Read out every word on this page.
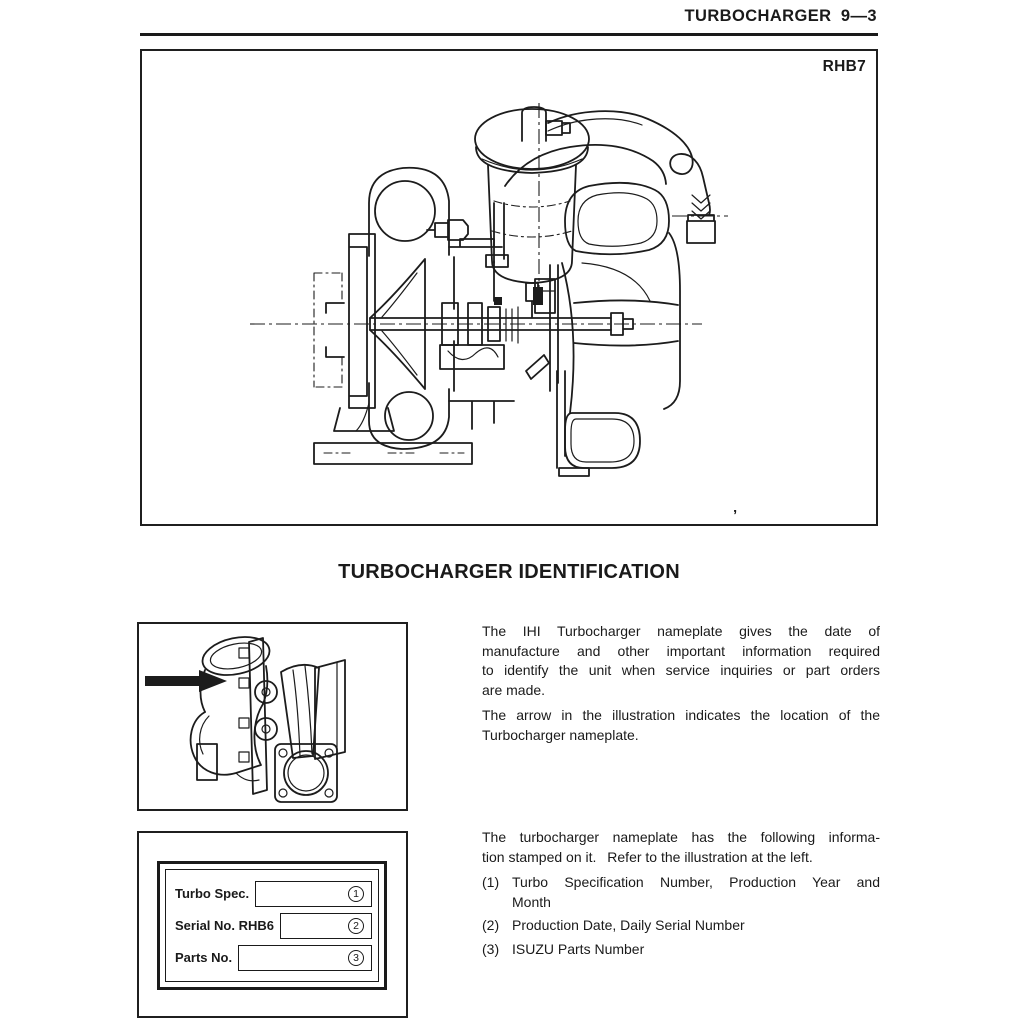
TURBOCHARGER  9—3
RHB7
’
TURBOCHARGER IDENTIFICATION
The IHI Turbocharger nameplate gives the date of
manufacture and other important information required
to identify the unit when service inquiries or part orders
are made.
The arrow in the illustration indicates the location of the
Turbocharger nameplate.
Turbo Spec.	1
Serial No. RHB6	2
Parts No.	3
The turbocharger nameplate has the following informa-
tion stamped on it.  Refer to the illustration at the left.
(1) Turbo Specification Number, Production Year and
Month
(2) Production Date, Daily Serial Number
(3) ISUZU Parts Number
